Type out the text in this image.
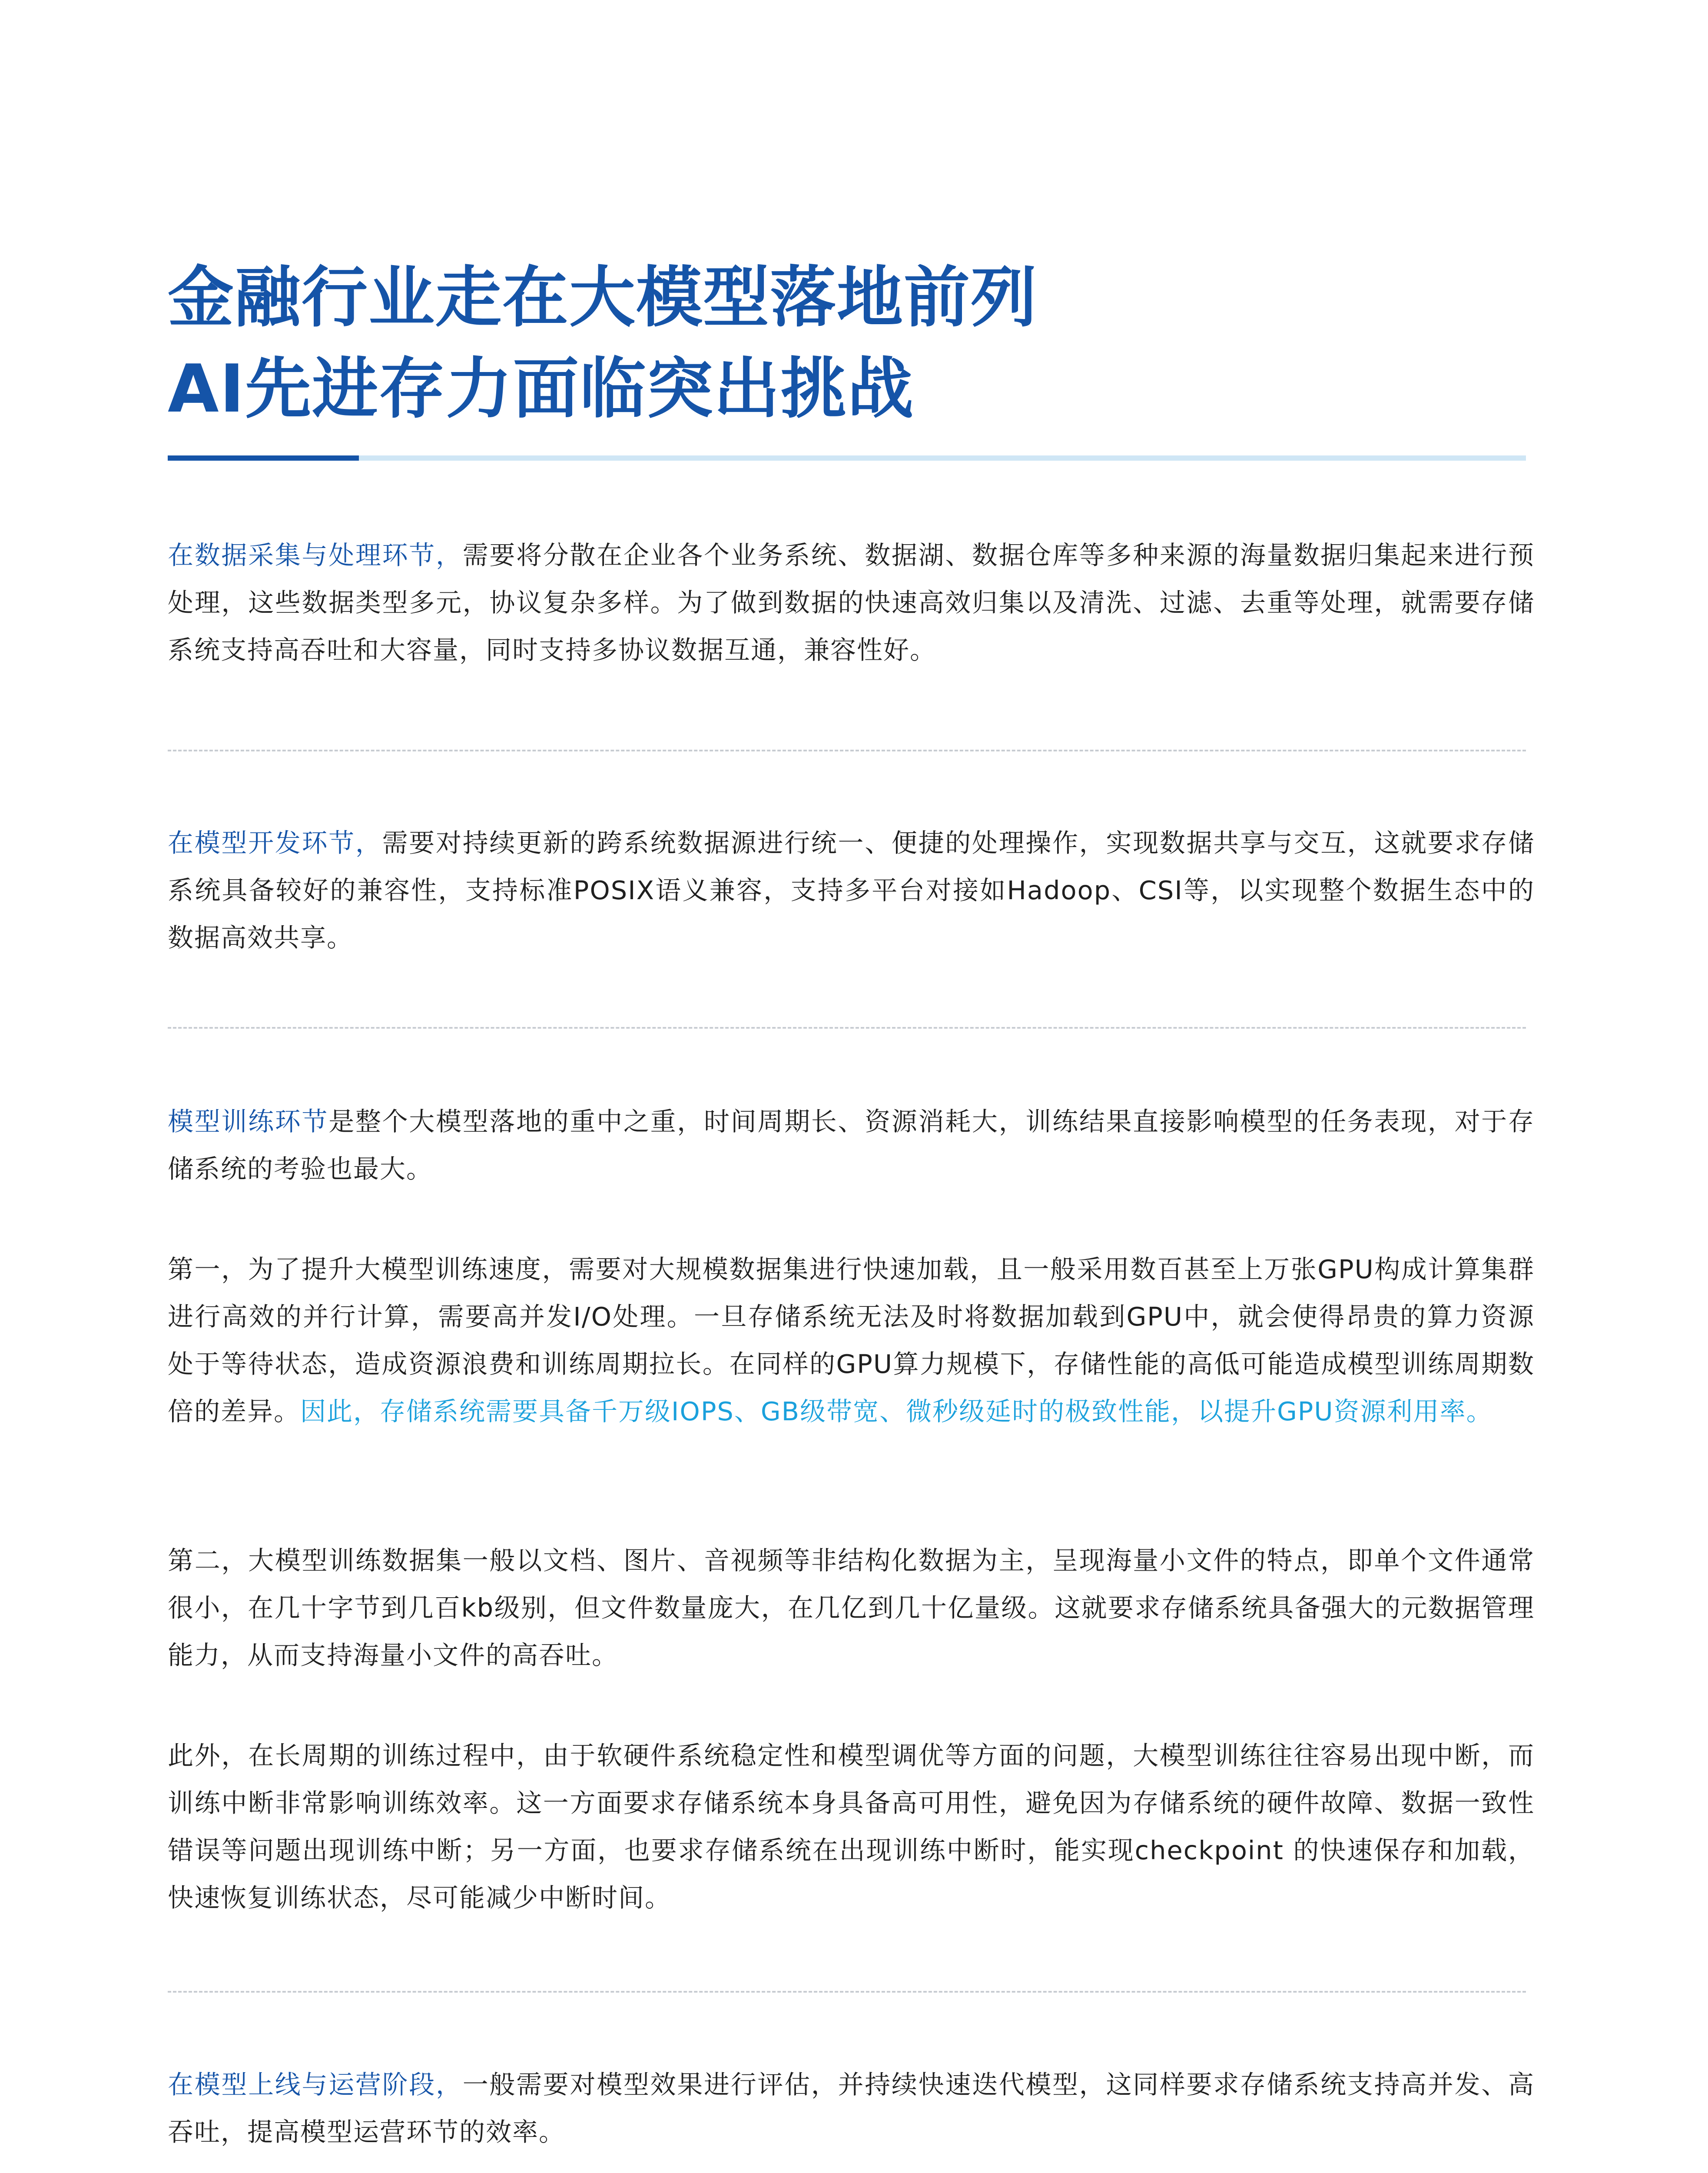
金融行业走在大模型落地前列
AI先进存力面临突出挑战

在数据采集与处理环节，需要将分散在企业各个业务系统、数据湖、数据仓库等多种来源的海量数据归集起来进行预处理，这些数据类型多元，协议复杂多样。为了做到数据的快速高效归集以及清洗、过滤、去重等处理，就需要存储系统支持高吞吐和大容量，同时支持多协议数据互通，兼容性好。

在模型开发环节，需要对持续更新的跨系统数据源进行统一、便捷的处理操作，实现数据共享与交互，这就要求存储系统具备较好的兼容性，支持标准POSIX语义兼容，支持多平台对接如Hadoop、CSI等，以实现整个数据生态中的数据高效共享。

模型训练环节是整个大模型落地的重中之重，时间周期长、资源消耗大，训练结果直接影响模型的任务表现，对于存储系统的考验也最大。

第一，为了提升大模型训练速度，需要对大规模数据集进行快速加载，且一般采用数百甚至上万张GPU构成计算集群进行高效的并行计算，需要高并发I/O处理。一旦存储系统无法及时将数据加载到GPU中，就会使得昂贵的算力资源处于等待状态，造成资源浪费和训练周期拉长。在同样的GPU算力规模下，存储性能的高低可能造成模型训练周期数倍的差异。因此，存储系统需要具备千万级IOPS、GB级带宽、微秒级延时的极致性能，以提升GPU资源利用率。

第二，大模型训练数据集一般以文档、图片、音视频等非结构化数据为主，呈现海量小文件的特点，即单个文件通常很小，在几十字节到几百kb级别，但文件数量庞大，在几亿到几十亿量级。这就要求存储系统具备强大的元数据管理能力，从而支持海量小文件的高吞吐。

此外，在长周期的训练过程中，由于软硬件系统稳定性和模型调优等方面的问题，大模型训练往往容易出现中断，而训练中断非常影响训练效率。这一方面要求存储系统本身具备高可用性，避免因为存储系统的硬件故障、数据一致性错误等问题出现训练中断；另一方面，也要求存储系统在出现训练中断时，能实现checkpoint 的快速保存和加载，快速恢复训练状态，尽可能减少中断时间。

在模型上线与运营阶段，一般需要对模型效果进行评估，并持续快速迭代模型，这同样要求存储系统支持高并发、高吞吐，提高模型运营环节的效率。
